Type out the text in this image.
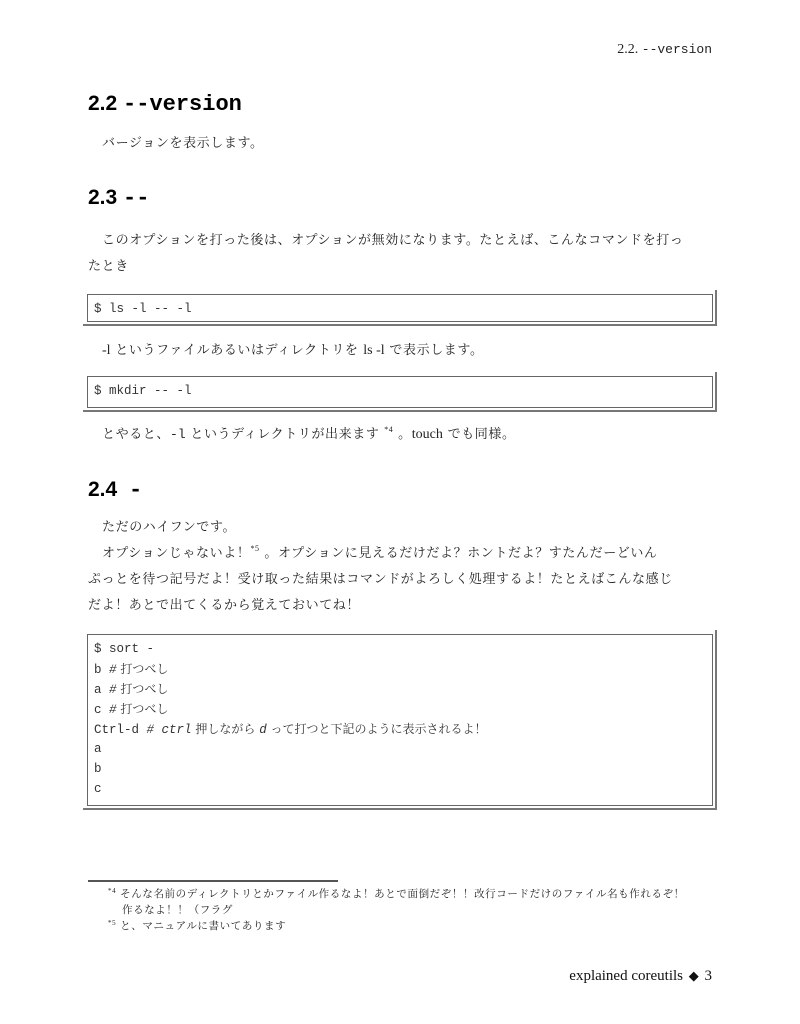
2.2. --version
2.2 --version
バージョンを表示します。
2.3 --
このオプションを打った後は、オプションが無効になります。たとえば、こんなコマンドを打っ
たとき
$ ls -l -- -l
-l というファイルあるいはディレクトリを ls -l で表示します。
$ mkdir -- -l
とやると、-l というディレクトリが出来ます $^{*4}$ 。touch でも同様。
2.4 -
ただのハイフンです。
オプションじゃないよ！$^{*5}$ 。オプションに見えるだけだよ？ホントだよ？すたんだーどいん
ぷっとを待つ記号だよ！受け取った結果はコマンドがよろしく処理するよ！たとえばこんな感じ
だよ！あとで出てくるから覚えておいてね！
$ sort -
b # 打つべし
a # 打つべし
c # 打つべし
Ctrl-d # ctrl 押しながら d って打つと下記のように表示されるよ！
a
b
c
$^{*4}$ そんな名前のディレクトリとかファイル作るなよ！あとで面倒だぞ！！改行コードだけのファイル名も作れるぞ！
作るなよ！！（フラグ
$^{*5}$ と、マニュアルに書いてあります
explained coreutils ◆ 3
